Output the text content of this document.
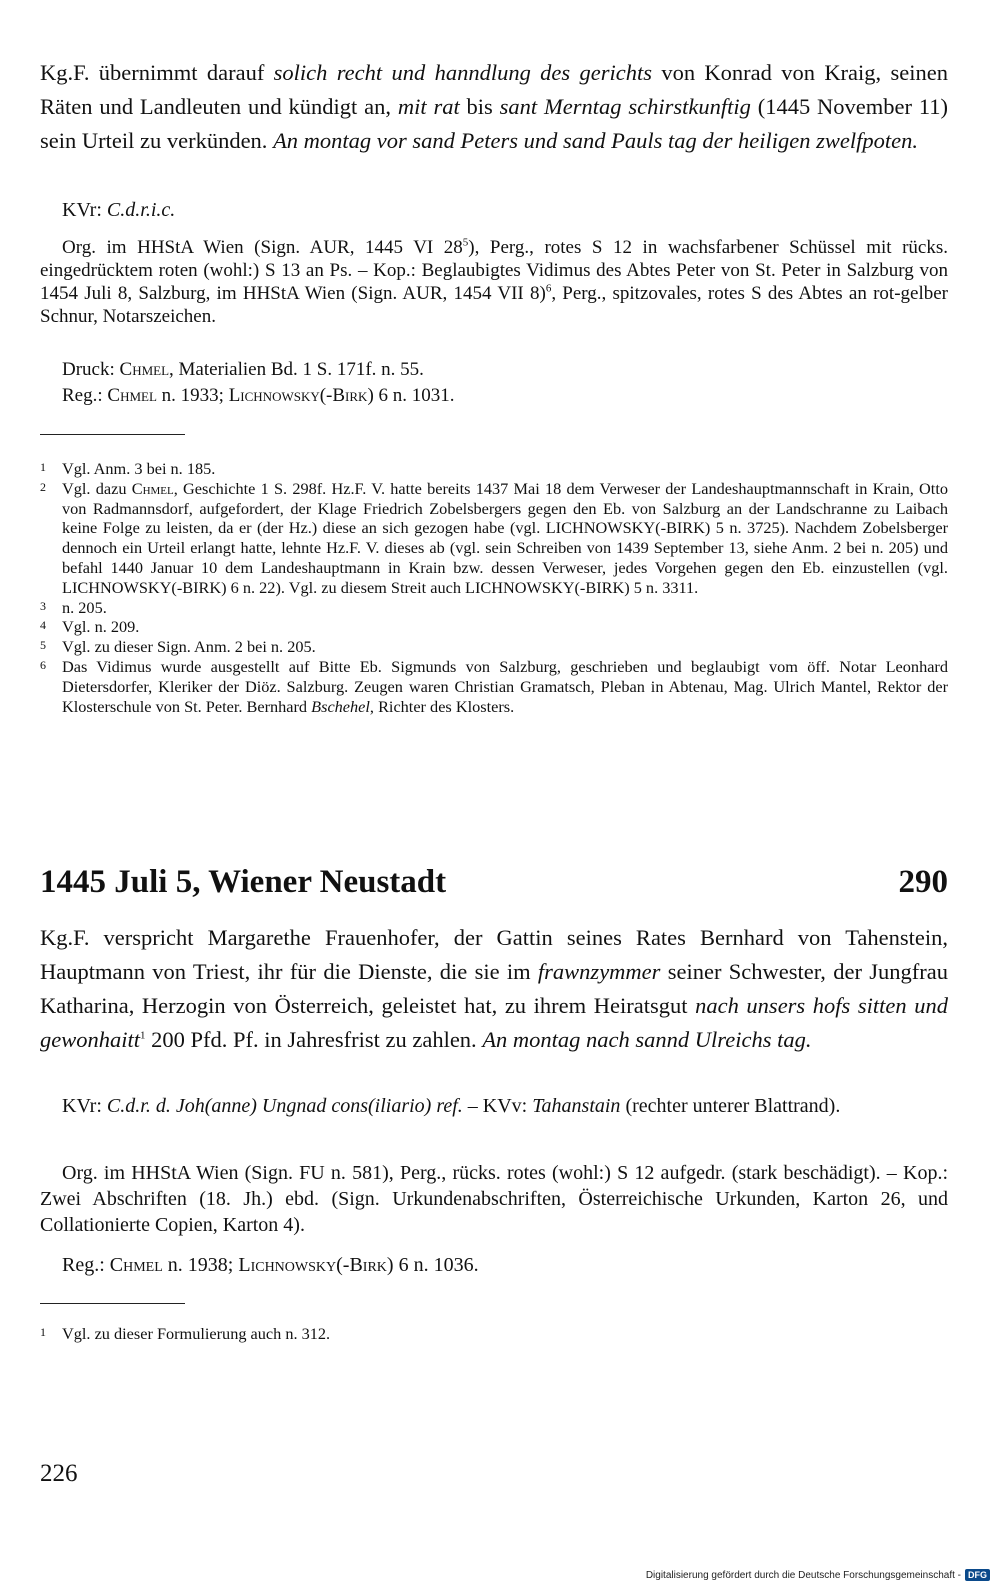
Kg.F. übernimmt darauf solich recht und hanndlung des gerichts von Konrad von Kraig, seinen Räten und Landleuten und kündigt an, mit rat bis sant Merntag schirstkunftig (1445 November 11) sein Urteil zu verkünden. An montag vor sand Peters und sand Pauls tag der heiligen zwelfpoten.

KVr: C.d.r.i.c.

Org. im HHStA Wien (Sign. AUR, 1445 VI $28^5$), Perg., rotes S 12 in wachsfarbener Schüssel mit rücks. eingedrücktem roten (wohl:) S 13 an Ps. – Kop.: Beglaubigtes Vidimus des Abtes Peter von St. Peter in Salzburg von 1454 Juli 8, Salzburg, im HHStA Wien (Sign. AUR, 1454 VII 8)$^6$, Perg., spitzovales, rotes S des Abtes an rot-gelber Schnur, Notarszeichen.

Druck: Chmel, Materialien Bd. 1 S. 171f. n. 55.

Reg.: Chmel n. 1933; Lichnowsky(-Birk) 6 n. 1031.

1 Vgl. Anm. 3 bei n. 185.
2 Vgl. dazu Chmel, Geschichte 1 S. 298f. Hz.F. V. hatte bereits 1437 Mai 18 dem Verweser der Landeshauptmannschaft in Krain, Otto von Radmannsdorf, aufgefordert, der Klage Friedrich Zobelsbergers gegen den Eb. von Salzburg an der Landschranne zu Laibach keine Folge zu leisten, da er (der Hz.) diese an sich gezogen habe (vgl. LICHNOWSKY(-BIRK) 5 n. 3725). Nachdem Zobelsberger dennoch ein Urteil erlangt hatte, lehnte Hz.F. V. dieses ab (vgl. sein Schreiben von 1439 September 13, siehe Anm. 2 bei n. 205) und befahl 1440 Januar 10 dem Landeshauptmann in Krain bzw. dessen Verweser, jedes Vorgehen gegen den Eb. einzustellen (vgl. LICHNOWSKY(-BIRK) 6 n. 22). Vgl. zu diesem Streit auch LICHNOWSKY(-BIRK) 5 n. 3311.
3 n. 205.
4 Vgl. n. 209.
5 Vgl. zu dieser Sign. Anm. 2 bei n. 205.
6 Das Vidimus wurde ausgestellt auf Bitte Eb. Sigmunds von Salzburg, geschrieben und beglaubigt vom öff. Notar Leonhard Dietersdorfer, Kleriker der Diöz. Salzburg. Zeugen waren Christian Gramatsch, Pleban in Abtenau, Mag. Ulrich Mantel, Rektor der Klosterschule von St. Peter. Bernhard Bschehel, Richter des Klosters.
1445 Juli 5, Wiener Neustadt	290

Kg.F. verspricht Margarethe Frauenhofer, der Gattin seines Rates Bernhard von Tahenstein, Hauptmann von Triest, ihr für die Dienste, die sie im frawnzymmer seiner Schwester, der Jungfrau Katharina, Herzogin von Österreich, geleistet hat, zu ihrem Heiratsgut nach unsers hofs sitten und gewonhaitt$^1$ 200 Pfd. Pf. in Jahresfrist zu zahlen. An montag nach sannd Ulreichs tag.

KVr: C.d.r. d. Joh(anne) Ungnad cons(iliario) ref. – KVv: Tahanstain (rechter unterer Blattrand).

Org. im HHStA Wien (Sign. FU n. 581), Perg., rücks. rotes (wohl:) S 12 aufgedr. (stark beschädigt). – Kop.: Zwei Abschriften (18. Jh.) ebd. (Sign. Urkundenabschriften, Österreichische Urkunden, Karton 26, und Collationierte Copien, Karton 4).

Reg.: Chmel n. 1938; Lichnowsky(-Birk) 6 n. 1036.

1 Vgl. zu dieser Formulierung auch n. 312.
226
Digitalisierung gefördert durch die Deutsche Forschungsgemeinschaft - DFG
